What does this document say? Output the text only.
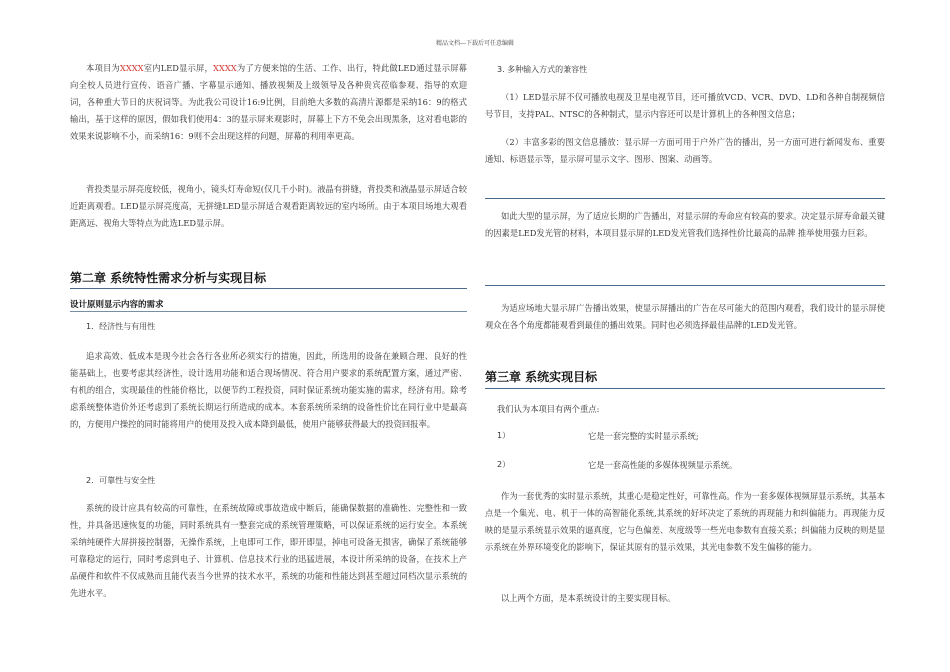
精品文档---下载后可任意编辑

本项目为XXXX室内LED显示屏，XXXX为了方便来馆的生活、工作、出行，特此做LED通过显示屏幕向全校人员进行宣传、语音广播、字幕显示通知、播放视频及上级领导及各种贵宾莅临参观、指导的欢迎词，各种重大节日的庆祝词等。为此我公司设计16:9比例，目前绝大多数的高清片源都是采纳16：9的格式输出，基于这样的原因，假如我们使用4：3的显示屏来观影时，屏幕上下方不免会出现黑条，这对看电影的效果来说影响不小，而采纳16：9则不会出现这样的问题，屏幕的利用率更高。

背投类显示屏亮度较低，视角小，镜头灯寿命短(仅几千小时)。液晶有拼缝，背投类和液晶显示屏适合较近距离观看。LED显示屏亮度高，无拼缝LED显示屏适合观看距离较远的室内场所。由于本项目场地大观看距离远、视角大等特点为此选LED显示屏。

第二章 系统特性需求分析与实现目标
设计原则显示内容的需求
1．经济性与有用性

追求高效、低成本是现今社会各行各业所必须实行的措施，因此，所选用的设备在兼顾合理、良好的性能基础上，也要考虑其经济性，设计选用功能和适合现场情况、符合用户要求的系统配置方案，通过严密、有机的组合，实现最佳的性能价格比，以便节约工程投资，同时保证系统功能实施的需求，经济有用。除考虑系统整体造价外还考虑到了系统长期运行所造成的成本。本套系统所采纳的设备性价比在同行业中是最高的，方便用户操控的同时能将用户的使用及投入成本降到最低，使用户能够获得最大的投资回报率。

2．可靠性与安全性

系统的设计应具有较高的可靠性，在系统故障或事故造成中断后，能确保数据的准确性、完整性和一致性，并具备迅速恢复的功能，同时系统具有一整套完成的系统管理策略，可以保证系统的运行安全。本系统采纳纯硬件大屏拼接控制器，无操作系统，上电即可工作，即开即显，掉电可设备无损害，确保了系统能够可靠稳定的运行，同时考虑到电子、计算机、信息技术行业的迅猛进展，本设计所采纳的设备，在技术上产品硬件和软件不仅成熟而且能代表当今世界的技术水平，系统的功能和性能达到甚至超过同档次显示系统的先进水平。

3. 多种输入方式的兼容性

（1）LED显示屏不仅可播放电视及卫星电视节目，还可播放VCD、VCR、DVD、LD和各种自制视频信号节目，支持PAL、NTSC的各种制式，显示内容还可以是计算机上的各种图文信息；

（2）丰富多彩的图文信息播放：显示屏一方面可用于户外广告的播出，另一方面可进行新闻发布、重要通知、标语显示等，显示屏可显示文字、图形、图案、动画等。

如此大型的显示屏，为了适应长期的广告播出，对显示屏的寿命应有较高的要求。决定显示屏寿命最关键的因素是LED发光管的材料，本项目显示屏的LED发光管我们选择性价比最高的品牌 推举使用强力巨彩。

为适应场地大显示屏广告播出效果，使显示屏播出的广告在尽可能大的范围内观看，我们设计的显示屏使观众在各个角度都能观看到最佳的播出效果。同时也必须选择最佳品牌的LED发光管。

第三章 系统实现目标
我们认为本项目有两个重点:
1）	它是一套完整的实时显示系统;
2）	它是一套高性能的多媒体视频显示系统。

作为一套优秀的实时显示系统，其重心是稳定性好，可靠性高。作为一套多媒体视频屏显示系统，其基本点是一个集光、电、机于一体的高智能化系统,其系统的好坏决定了系统的再现能力和纠偏能力。再现能力反映的是显示系统显示效果的逼真度，它与色偏差、灰度级等一些光电参数有直接关系；纠偏能力反映的则是显示系统在外界环境变化的影响下，保证其原有的显示效果，其光电参数不发生偏移的能力。

以上两个方面，是本系统设计的主要实现目标。
